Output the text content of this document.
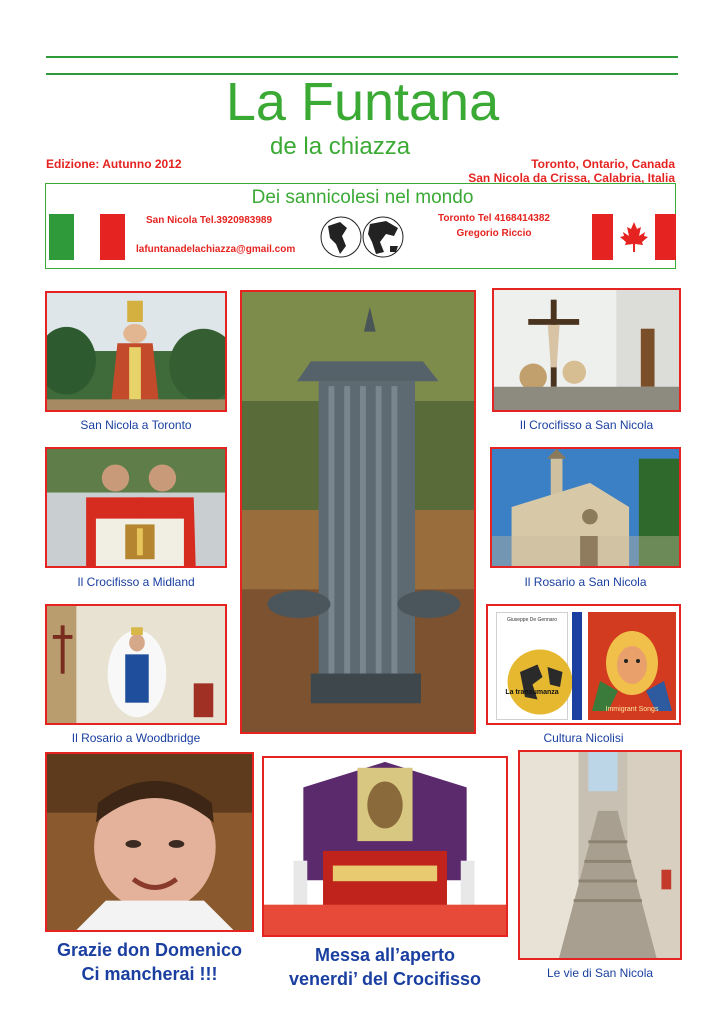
La Funtana
de la chiazza
Edizione: Autunno 2012	Toronto, Ontario, Canada
San Nicola da Crissa, Calabria, Italia
Dei sannicolesi nel mondo
San Nicola Tel.3920983989
lafuntanadelachiazza@gmail.com
Toronto Tel 4168414382
Gregorio Riccio
San Nicola a Toronto
Il Crocifisso a Midland
Il Rosario a Woodbridge
Il Crocifisso a San Nicola
Il Rosario a San Nicola
Giuseppe De Gennaro
La transumanza
Immigrant Songs
Cultura Nicolisi
Grazie don Domenico
Ci mancherai !!!
Messa all’aperto
venerdi’ del Crocifisso	Le vie di San Nicola
